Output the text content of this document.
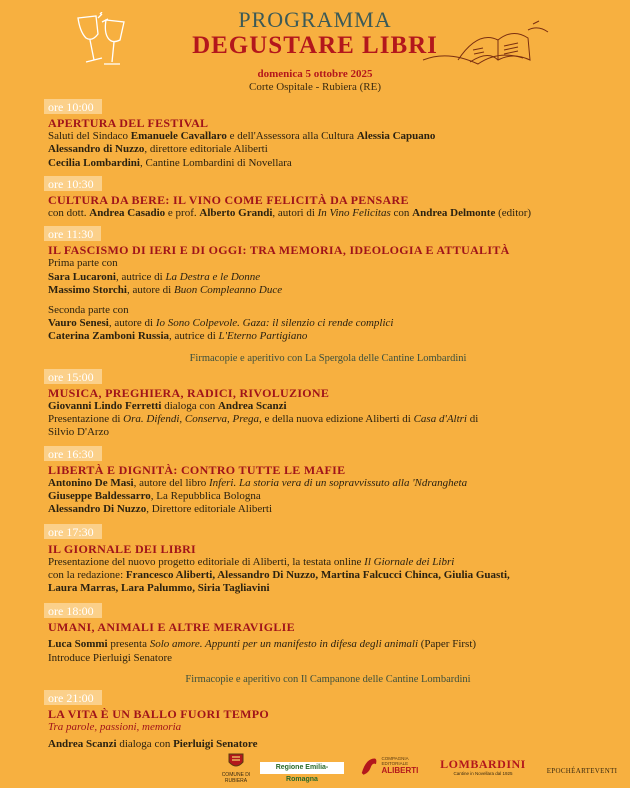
PROGRAMMA
DEGUSTARE LIBRI
domenica 5 ottobre 2025
Corte Ospitale - Rubiera (RE)
ore 10:00
APERTURA DEL FESTIVAL
Saluti del Sindaco Emanuele Cavallaro e dell'Assessora alla Cultura Alessia Capuano
Alessandro di Nuzzo, direttore editoriale Aliberti
Cecilia Lombardini, Cantine Lombardini di Novellara
ore 10:30
CULTURA DA BERE: IL VINO COME FELICITÀ DA PENSARE
con dott. Andrea Casadio e prof. Alberto Grandi, autori di In Vino Felicitas con Andrea Delmonte (editor)
ore 11:30
IL FASCISMO DI IERI E DI OGGI: TRA MEMORIA, IDEOLOGIA E ATTUALITÀ
Prima parte con
Sara Lucaroni, autrice di La Destra e le Donne
Massimo Storchi, autore di Buon Compleanno Duce
Seconda parte con
Vauro Senesi, autore di Io Sono Colpevole. Gaza: il silenzio ci rende complici
Caterina Zamboni Russia, autrice di L'Eterno Partigiano
Firmacopie e aperitivo con La Spergola delle Cantine Lombardini
ore 15:00
MUSICA, PREGHIERA, RADICI, RIVOLUZIONE
Giovanni Lindo Ferretti dialoga con Andrea Scanzi
Presentazione di Ora. Difendi, Conserva, Prega, e della nuova edizione Aliberti di Casa d'Altri di
Silvio D'Arzo
ore 16:30
LIBERTÀ E DIGNITÀ: CONTRO TUTTE LE MAFIE
Antonino De Masi, autore del libro Inferi. La storia vera di un sopravvissuto alla 'Ndrangheta
Giuseppe Baldessarro, La Repubblica Bologna
Alessandro Di Nuzzo, Direttore editoriale Aliberti
ore 17:30
IL GIORNALE DEI LIBRI
Presentazione del nuovo progetto editoriale di Aliberti, la testata online Il Giornale dei Libri
con la redazione: Francesco Aliberti, Alessandro Di Nuzzo, Martina Falcucci Chinca, Giulia Guasti,
Laura Marras, Lara Palummo, Siria Tagliavini
ore 18:00
UMANI, ANIMALI E ALTRE MERAVIGLIE
Luca Sommi presenta Solo amore. Appunti per un manifesto in difesa degli animali (Paper First)
Introduce Pierluigi Senatore
Firmacopie e aperitivo con Il Campanone delle Cantine Lombardini
ore 21:00
LA VITA È UN BALLO FUORI TEMPO
Tra parole, passioni, memoria
Andrea Scanzi dialoga con Pierluigi Senatore
COMUNE DI RUBIERA
Regione Emilia-Romagna
COMPAGNIA EDITORIALE
ALIBERTI	LOMBARDINI
Cantine in Novellara dal 1925	EPOCHÉARTEVENTI
